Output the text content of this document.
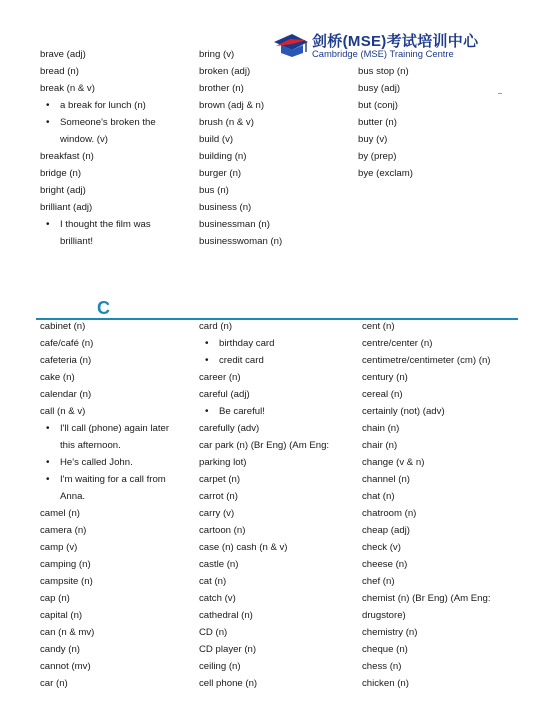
剑桥(MSE)考试培训中心
Cambridge (MSE) Training Centre
brave (adj)
bread (n)
break (n & v)
• a break for lunch (n)
• Someone's broken the
window. (v)
breakfast (n)
bridge (n)
bright (adj)
brilliant (adj)
• I thought the film was
brilliant!
bring (v)
broken (adj)
brother (n)
brown (adj & n)
brush (n & v)
build (v)
building (n)
burger (n)
bus (n)
business (n)
businessman (n)
businesswoman (n)
bus stop (n)
busy (adj)
but (conj)
butter (n)
buy (v)
by (prep)
bye (exclam)
C
cabinet (n)
cafe/café (n)
cafeteria (n)
cake (n)
calendar (n)
call (n & v)
• I'll call (phone) again later
this afternoon.
• He's called John.
• I'm waiting for a call from
Anna.
camel (n)
camera (n)
camp (v)
camping (n)
campsite (n)
cap (n)
capital (n)
can (n & mv)
candy (n)
cannot (mv)
car (n)
card (n)
• birthday card
• credit card
career (n)
careful (adj)
• Be careful!
carefully (adv)
car park (n) (Br Eng) (Am Eng:
parking lot)
carpet (n)
carrot (n)
carry (v)
cartoon (n)
case (n) cash (n & v)
castle (n)
cat (n)
catch (v)
cathedral (n)
CD (n)
CD player (n)
ceiling (n)
cell phone (n)
cent (n)
centre/center (n)
centimetre/centimeter (cm) (n)
century (n)
cereal (n)
certainly (not) (adv)
chain (n)
chair (n)
change (v & n)
channel (n)
chat (n)
chatroom (n)
cheap (adj)
check (v)
cheese (n)
chef (n)
chemist (n) (Br Eng) (Am Eng:
drugstore)
chemistry (n)
cheque (n)
chess (n)
chicken (n)
